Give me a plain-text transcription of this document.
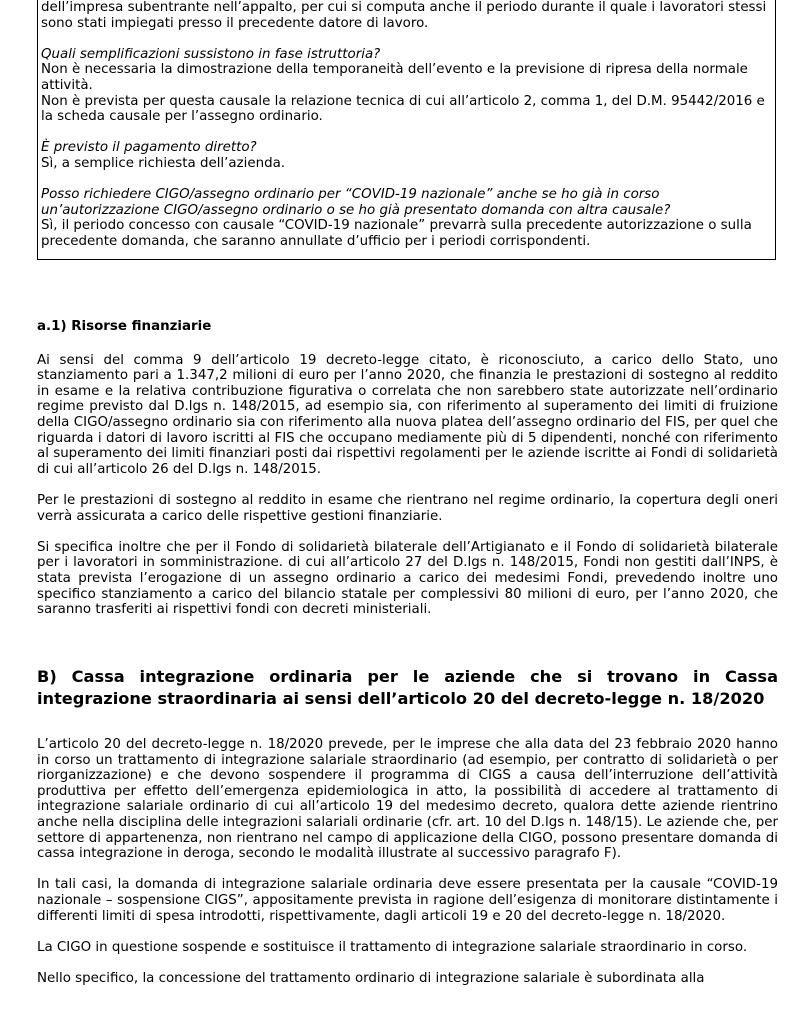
dell’impresa subentrante nell’appalto, per cui si computa anche il periodo durante il quale i lavoratori stessi sono stati impiegati presso il precedente datore di lavoro.

Quali semplificazioni sussistono in fase istruttoria?

Non è necessaria la dimostrazione della temporaneità dell’evento e la previsione di ripresa della normale attività.

Non è prevista per questa causale la relazione tecnica di cui all’articolo 2, comma 1, del D.M. 95442/2016 e la scheda causale per l’assegno ordinario.

È previsto il pagamento diretto?

Sì, a semplice richiesta dell’azienda.

Posso richiedere CIGO/assegno ordinario per “COVID-19 nazionale” anche se ho già in corso un’autorizzazione CIGO/assegno ordinario o se ho già presentato domanda con altra causale?

Sì, il periodo concesso con causale “COVID-19 nazionale” prevarrà sulla precedente autorizzazione o sulla precedente domanda, che saranno annullate d’ufficio per i periodi corrispondenti.

a.1) Risorse finanziarie

Ai sensi del comma 9 dell’articolo 19 decreto-legge citato, è riconosciuto, a carico dello Stato, uno stanziamento pari a 1.347,2 milioni di euro per l’anno 2020, che finanzia le prestazioni di sostegno al reddito in esame e la relativa contribuzione figurativa o correlata che non sarebbero state autorizzate nell’ordinario regime previsto dal D.lgs n. 148/2015, ad esempio sia, con riferimento al superamento dei limiti di fruizione della CIGO/assegno ordinario sia con riferimento alla nuova platea dell’assegno ordinario del FIS, per quel che riguarda i datori di lavoro iscritti al FIS che occupano mediamente più di 5 dipendenti, nonché con riferimento al superamento dei limiti finanziari posti dai rispettivi regolamenti per le aziende iscritte ai Fondi di solidarietà di cui all’articolo 26 del D.lgs n. 148/2015.

Per le prestazioni di sostegno al reddito in esame che rientrano nel regime ordinario, la copertura degli oneri verrà assicurata a carico delle rispettive gestioni finanziarie.

Si specifica inoltre che per il Fondo di solidarietà bilaterale dell’Artigianato e il Fondo di solidarietà bilaterale per i lavoratori in somministrazione. di cui all’articolo 27 del D.lgs n. 148/2015, Fondi non gestiti dall’INPS, è stata prevista l’erogazione di un assegno ordinario a carico dei medesimi Fondi, prevedendo inoltre uno specifico stanziamento a carico del bilancio statale per complessivi 80 milioni di euro, per l’anno 2020, che saranno trasferiti ai rispettivi fondi con decreti ministeriali.

B) Cassa integrazione ordinaria per le aziende che si trovano in Cassa integrazione straordinaria ai sensi dell’articolo 20 del decreto-legge n. 18/2020

L’articolo 20 del decreto-legge n. 18/2020 prevede, per le imprese che alla data del 23 febbraio 2020 hanno in corso un trattamento di integrazione salariale straordinario (ad esempio, per contratto di solidarietà o per riorganizzazione) e che devono sospendere il programma di CIGS a causa dell’interruzione dell’attività produttiva per effetto dell’emergenza epidemiologica in atto, la possibilità di accedere al trattamento di integrazione salariale ordinario di cui all’articolo 19 del medesimo decreto, qualora dette aziende rientrino anche nella disciplina delle integrazioni salariali ordinarie (cfr. art. 10 del D.lgs n. 148/15). Le aziende che, per settore di appartenenza, non rientrano nel campo di applicazione della CIGO, possono presentare domanda di cassa integrazione in deroga, secondo le modalità illustrate al successivo paragrafo F).

In tali casi, la domanda di integrazione salariale ordinaria deve essere presentata per la causale “COVID-19 nazionale – sospensione CIGS”, appositamente prevista in ragione dell’esigenza di monitorare distintamente i differenti limiti di spesa introdotti, rispettivamente, dagli articoli 19 e 20 del decreto-legge n. 18/2020.

La CIGO in questione sospende e sostituisce il trattamento di integrazione salariale straordinario in corso.

Nello specifico, la concessione del trattamento ordinario di integrazione salariale è subordinata alla
